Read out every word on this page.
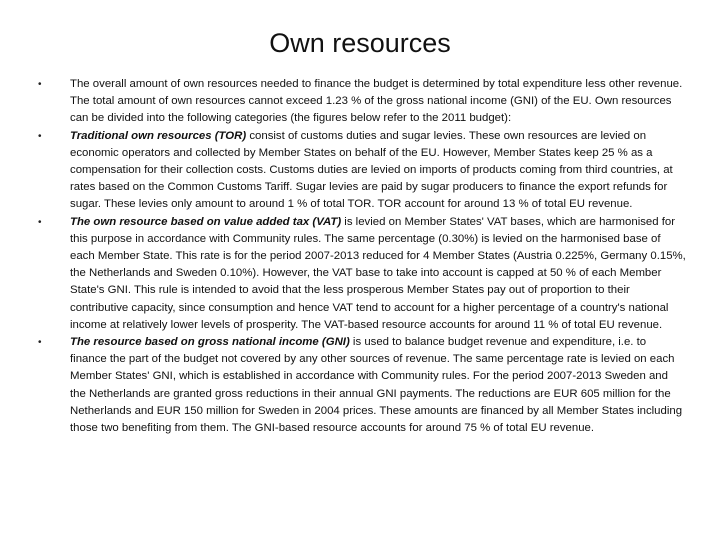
Own resources
•	The overall amount of own resources needed to finance the budget is determined by total expenditure less other revenue. The total amount of own resources cannot exceed 1.23 % of the gross national income (GNI) of the EU. Own resources can be divided into the following categories (the figures below refer to the 2011 budget):
•	Traditional own resources (TOR) consist of customs duties and sugar levies. These own resources are levied on economic operators and collected by Member States on behalf of the EU. However, Member States keep 25 % as a compensation for their collection costs. Customs duties are levied on imports of products coming from third countries, at rates based on the Common Customs Tariff. Sugar levies are paid by sugar producers to finance the export refunds for sugar. These levies only amount to around 1 % of total TOR. TOR account for around 13 % of total EU revenue.
•	The own resource based on value added tax (VAT) is levied on Member States' VAT bases, which are harmonised for this purpose in accordance with Community rules. The same percentage (0.30%) is levied on the harmonised base of each Member State. This rate is for the period 2007-2013 reduced for 4 Member States (Austria 0.225%, Germany 0.15%, the Netherlands and Sweden 0.10%). However, the VAT base to take into account is capped at 50 % of each Member State's GNI. This rule is intended to avoid that the less prosperous Member States pay out of proportion to their contributive capacity, since consumption and hence VAT tend to account for a higher percentage of a country's national income at relatively lower levels of prosperity. The VAT-based resource accounts for around 11 % of total EU revenue.
•	The resource based on gross national income (GNI) is used to balance budget revenue and expenditure, i.e. to finance the part of the budget not covered by any other sources of revenue. The same percentage rate is levied on each Member States' GNI, which is established in accordance with Community rules. For the period 2007-2013 Sweden and the Netherlands are granted gross reductions in their annual GNI payments. The reductions are EUR 605 million for the Netherlands and EUR 150 million for Sweden in 2004 prices. These amounts are financed by all Member States including those two benefiting from them. The GNI-based resource accounts for around 75 % of total EU revenue.
